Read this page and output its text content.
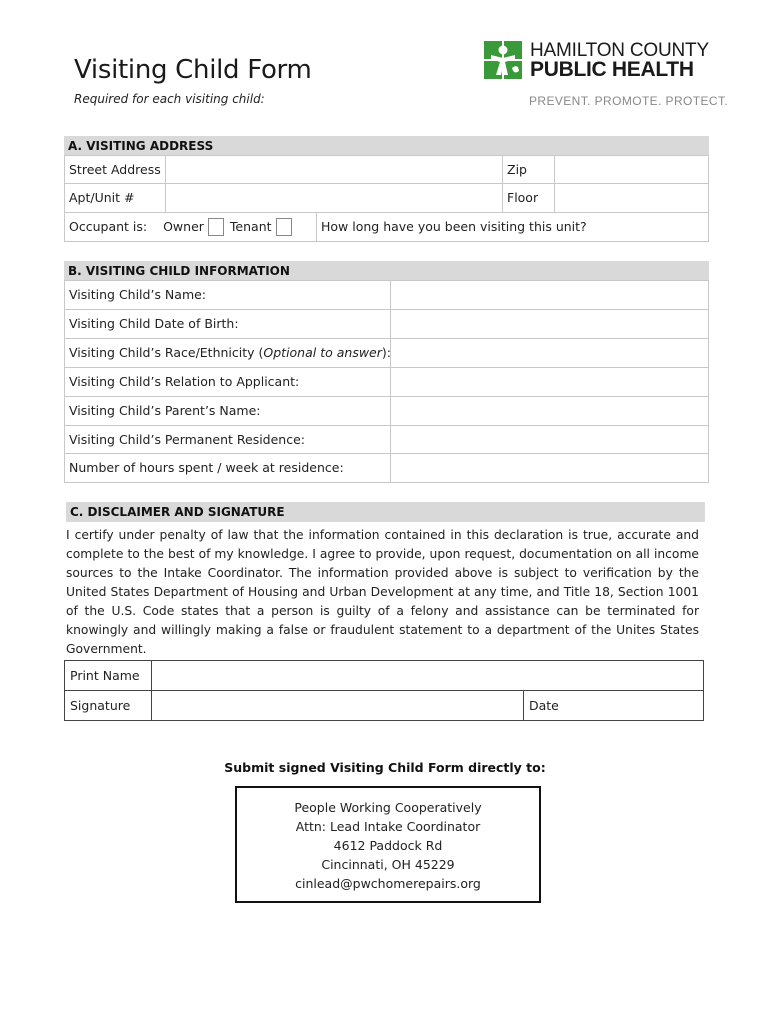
Visiting Child Form
Required for each visiting child:
HAMILTON COUNTY
PUBLIC HEALTH
PREVENT. PROMOTE. PROTECT.
A. VISITING ADDRESS
Street Address	Zip
Apt/Unit #	Floor
Occupant is: Owner Tenant	How long have you been visiting this unit?
B. VISITING CHILD INFORMATION
Visiting Child’s Name:
Visiting Child Date of Birth:
Visiting Child’s Race/Ethnicity (Optional to answer):
Visiting Child’s Relation to Applicant:
Visiting Child’s Parent’s Name:
Visiting Child’s Permanent Residence:
Number of hours spent / week at residence:
C. DISCLAIMER AND SIGNATURE
I certify under penalty of law that the information contained in this declaration is true, accurate and complete to the best of my knowledge. I agree to provide, upon request, documentation on all income sources to the Intake Coordinator. The information provided above is subject to verification by the United States Department of Housing and Urban Development at any time, and Title 18, Section 1001 of the U.S. Code states that a person is guilty of a felony and assistance can be terminated for knowingly and willingly making a false or fraudulent statement to a department of the Unites States Government.
Print Name
Signature	Date
Submit signed Visiting Child Form directly to:
People Working Cooperatively
Attn: Lead Intake Coordinator
4612 Paddock Rd
Cincinnati, OH 45229
cinlead@pwchomerepairs.org
